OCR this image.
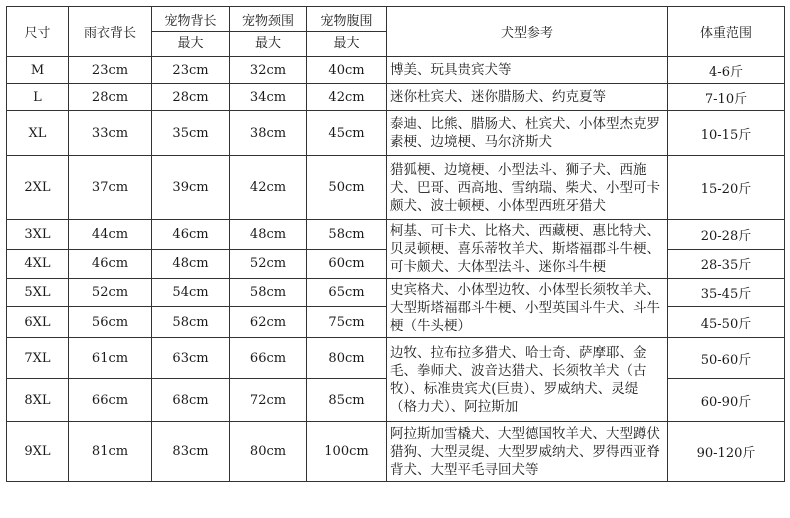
尺寸	雨衣背长	宠物背长	宠物颈围	宠物腹围	犬型参考	体重范围
		最大	最大	最大		
M	23cm	23cm	32cm	40cm	博美、玩具贵宾犬等	4-6斤
L	28cm	28cm	34cm	42cm	迷你杜宾犬、迷你腊肠犬、约克夏等	7-10斤
XL	33cm	35cm	38cm	45cm	泰迪、比熊、腊肠犬、杜宾犬、小体型杰克罗素梗、边境梗、马尔济斯犬	10-15斤
2XL	37cm	39cm	42cm	50cm	猎狐梗、边境梗、小型法斗、狮子犬、西施犬、巴哥、西高地、雪纳瑞、柴犬、小型可卡颇犬、波士顿梗、小体型西班牙猎犬	15-20斤
3XL	44cm	46cm	48cm	58cm	柯基、可卡犬、比格犬、西藏梗、惠比特犬、贝灵顿梗、喜乐蒂牧羊犬、斯塔福郡斗牛梗、可卡颇犬、大体型法斗、迷你斗牛梗	20-28斤
4XL	46cm	48cm	52cm	60cm		28-35斤
5XL	52cm	54cm	58cm	65cm	史宾格犬、小体型边牧、小体型长须牧羊犬、大型斯塔福郡斗牛梗、小型英国斗牛犬、斗牛梗（牛头梗）	35-45斤
6XL	56cm	58cm	62cm	75cm		45-50斤
7XL	61cm	63cm	66cm	80cm	边牧、拉布拉多猎犬、哈士奇、萨摩耶、金毛、拳师犬、波音达猎犬、长须牧羊犬（古牧）、标准贵宾犬(巨贵）、罗威纳犬、灵缇（格力犬）、阿拉斯加	50-60斤
8XL	66cm	68cm	72cm	85cm		60-90斤
9XL	81cm	83cm	80cm	100cm	阿拉斯加雪橇犬、大型德国牧羊犬、大型蹲伏猎狗、大型灵缇、大型罗威纳犬、罗得西亚脊背犬、大型平毛寻回犬等	90-120斤
